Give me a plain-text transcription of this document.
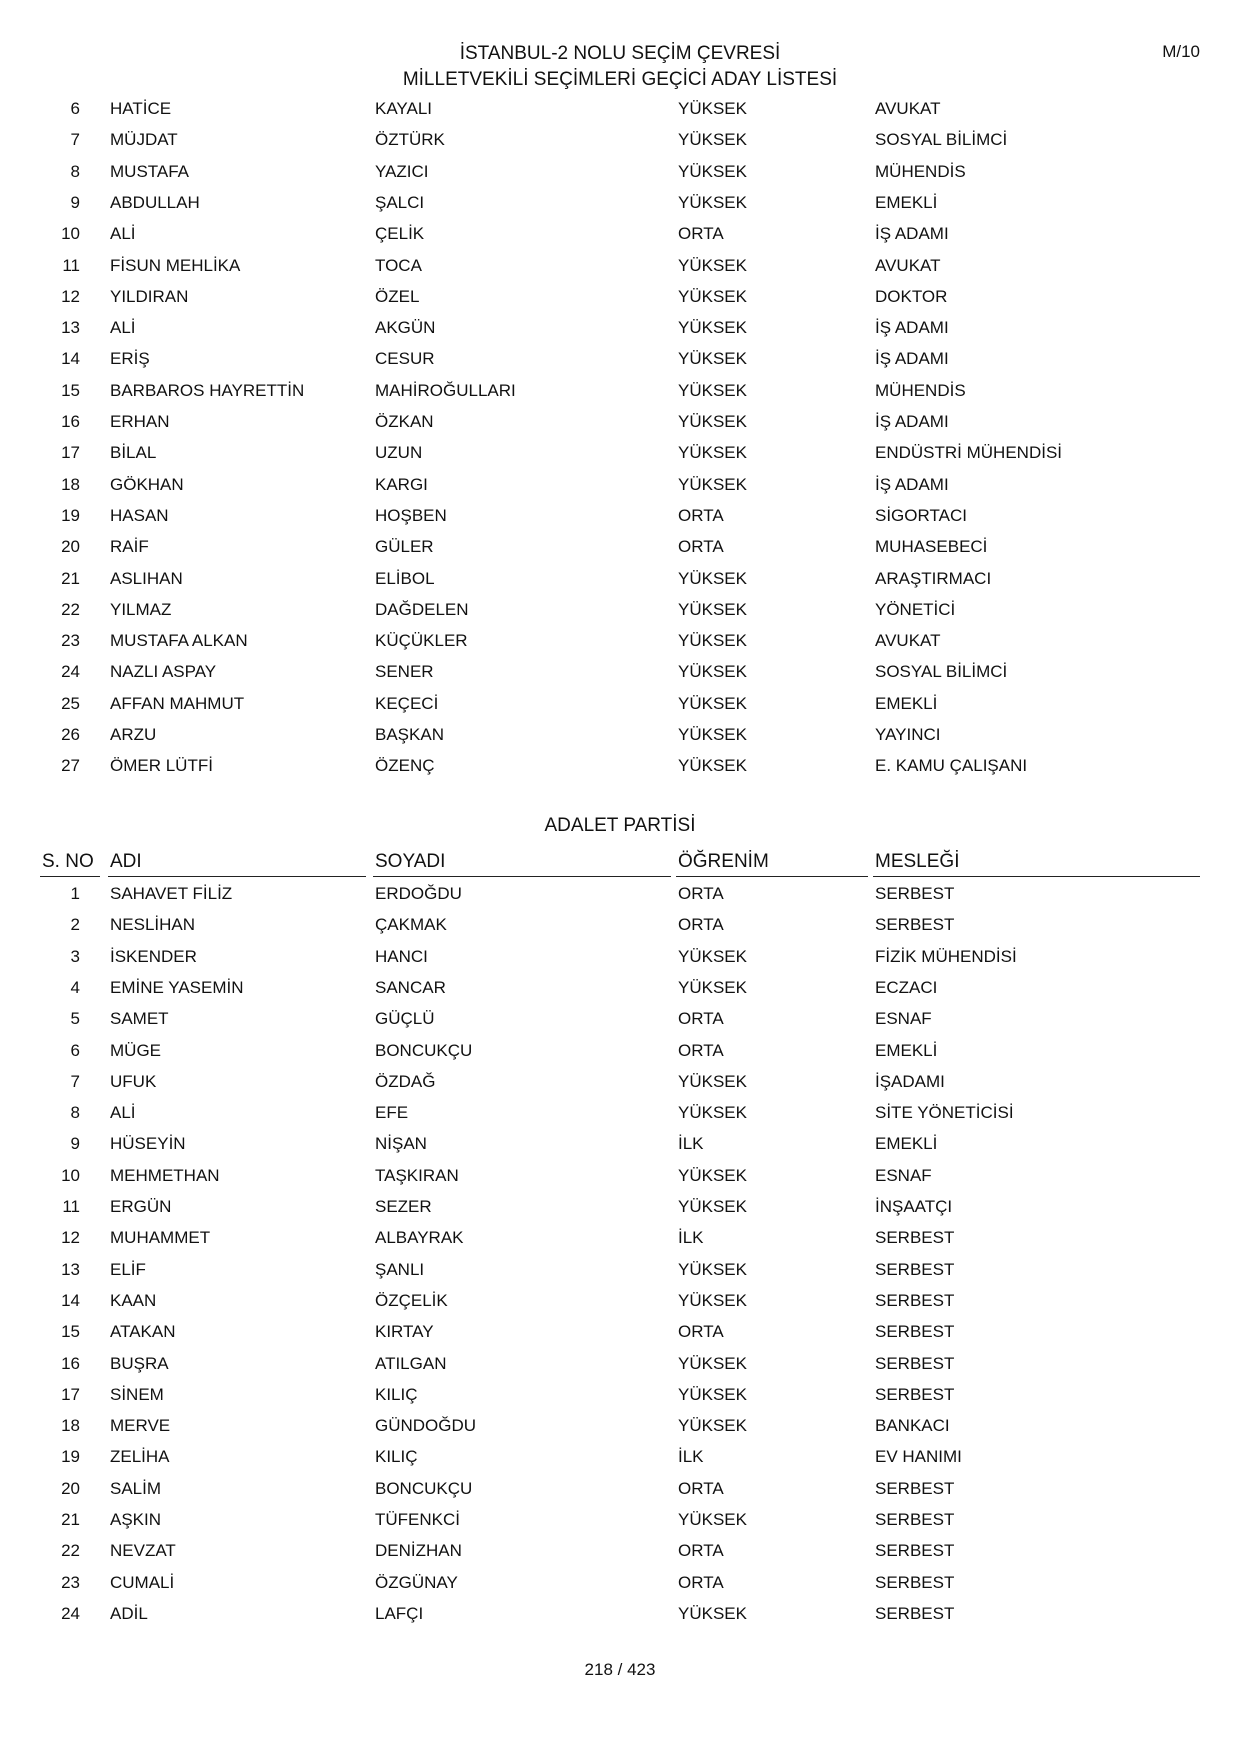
İSTANBUL-2 NOLU SEÇİM ÇEVRESİ
MİLLETVEKİLİ SEÇİMLERİ GEÇİCİ ADAY LİSTESİ
M/10
6 HATİCE	KAYALI	YÜKSEK	AVUKAT
7 MÜJDAT	ÖZTÜRK	YÜKSEK	SOSYAL BİLİMCİ
8 MUSTAFA	YAZICI	YÜKSEK	MÜHENDİS
9 ABDULLAH	ŞALCI	YÜKSEK	EMEKLİ
10 ALİ	ÇELİK	ORTA	İŞ ADAMI
11 FİSUN MEHLİKA	TOCA	YÜKSEK	AVUKAT
12 YILDIRAN	ÖZEL	YÜKSEK	DOKTOR
13 ALİ	AKGÜN	YÜKSEK	İŞ ADAMI
14 ERİŞ	CESUR	YÜKSEK	İŞ ADAMI
15 BARBAROS HAYRETTİN	MAHİROĞULLARI	YÜKSEK	MÜHENDİS
16 ERHAN	ÖZKAN	YÜKSEK	İŞ ADAMI
17 BİLAL	UZUN	YÜKSEK	ENDÜSTRİ MÜHENDİSİ
18 GÖKHAN	KARGI	YÜKSEK	İŞ ADAMI
19 HASAN	HOŞBEN	ORTA	SİGORTACI
20 RAİF	GÜLER	ORTA	MUHASEBECİ
21 ASLIHAN	ELİBOL	YÜKSEK	ARAŞTIRMACI
22 YILMAZ	DAĞDELEN	YÜKSEK	YÖNETİCİ
23 MUSTAFA ALKAN	KÜÇÜKLER	YÜKSEK	AVUKAT
24 NAZLI ASPAY	SENER	YÜKSEK	SOSYAL BİLİMCİ
25 AFFAN MAHMUT	KEÇECİ	YÜKSEK	EMEKLİ
26 ARZU	BAŞKAN	YÜKSEK	YAYINCI
27 ÖMER LÜTFİ	ÖZENÇ	YÜKSEK	E. KAMU ÇALIŞANI
ADALET PARTİSİ
S. NO ADI	SOYADI	ÖĞRENİM	MESLEĞİ
1 SAHAVET FİLİZ	ERDOĞDU	ORTA	SERBEST
2 NESLİHAN	ÇAKMAK	ORTA	SERBEST
3 İSKENDER	HANCI	YÜKSEK	FİZİK MÜHENDİSİ
4 EMİNE YASEMİN	SANCAR	YÜKSEK	ECZACI
5 SAMET	GÜÇLÜ	ORTA	ESNAF
6 MÜGE	BONCUKÇU	ORTA	EMEKLİ
7 UFUK	ÖZDAĞ	YÜKSEK	İŞADAMI
8 ALİ	EFE	YÜKSEK	SİTE YÖNETİCİSİ
9 HÜSEYİN	NİŞAN	İLK	EMEKLİ
10 MEHMETHAN	TAŞKIRAN	YÜKSEK	ESNAF
11 ERGÜN	SEZER	YÜKSEK	İNŞAATÇI
12 MUHAMMET	ALBAYRAK	İLK	SERBEST
13 ELİF	ŞANLI	YÜKSEK	SERBEST
14 KAAN	ÖZÇELİK	YÜKSEK	SERBEST
15 ATAKAN	KIRTAY	ORTA	SERBEST
16 BUŞRA	ATILGAN	YÜKSEK	SERBEST
17 SİNEM	KILIÇ	YÜKSEK	SERBEST
18 MERVE	GÜNDOĞDU	YÜKSEK	BANKACI
19 ZELİHA	KILIÇ	İLK	EV HANIMI
20 SALİM	BONCUKÇU	ORTA	SERBEST
21 AŞKIN	TÜFENKCİ	YÜKSEK	SERBEST
22 NEVZAT	DENİZHAN	ORTA	SERBEST
23 CUMALİ	ÖZGÜNAY	ORTA	SERBEST
24 ADİL	LAFÇI	YÜKSEK	SERBEST
218 / 423
